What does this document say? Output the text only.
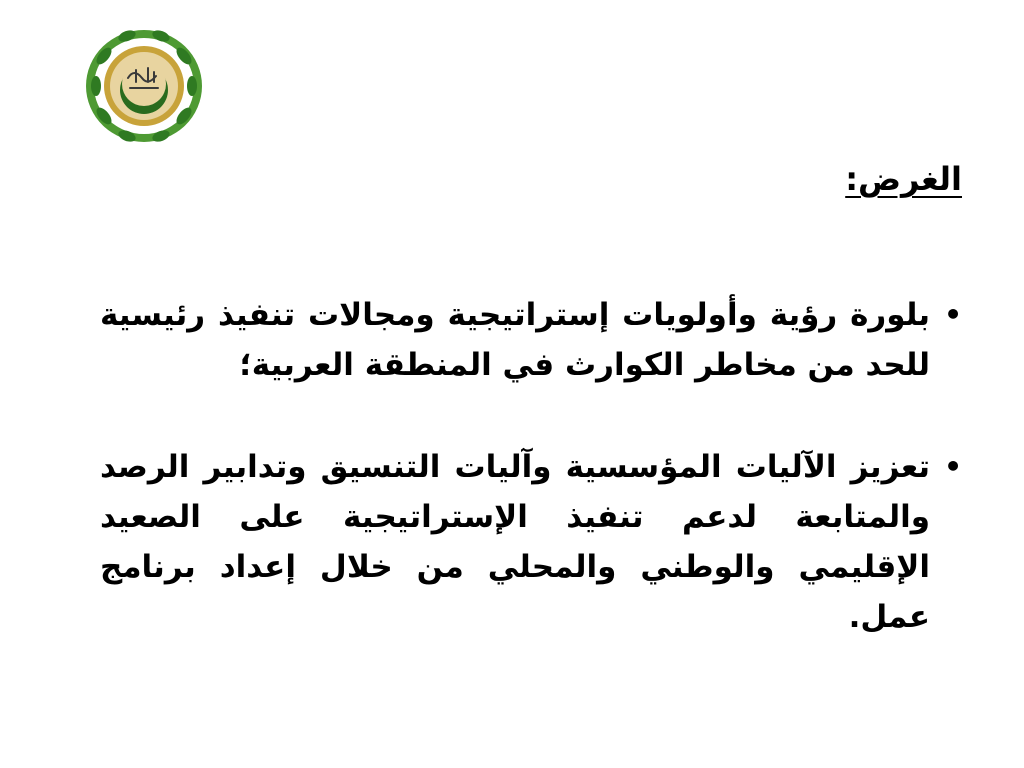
الغرض:
•
بلورة رؤية وأولويات إستراتيجية ومجالات تنفيذ رئيسية للحد من مخاطر الكوارث في المنطقة العربية؛
•
تعزيز الآليات المؤسسية وآليات التنسيق وتدابير الرصد والمتابعة لدعم تنفيذ الإستراتيجية على الصعيد الإقليمي والوطني والمحلي من خلال إعداد برنامج عمل.
